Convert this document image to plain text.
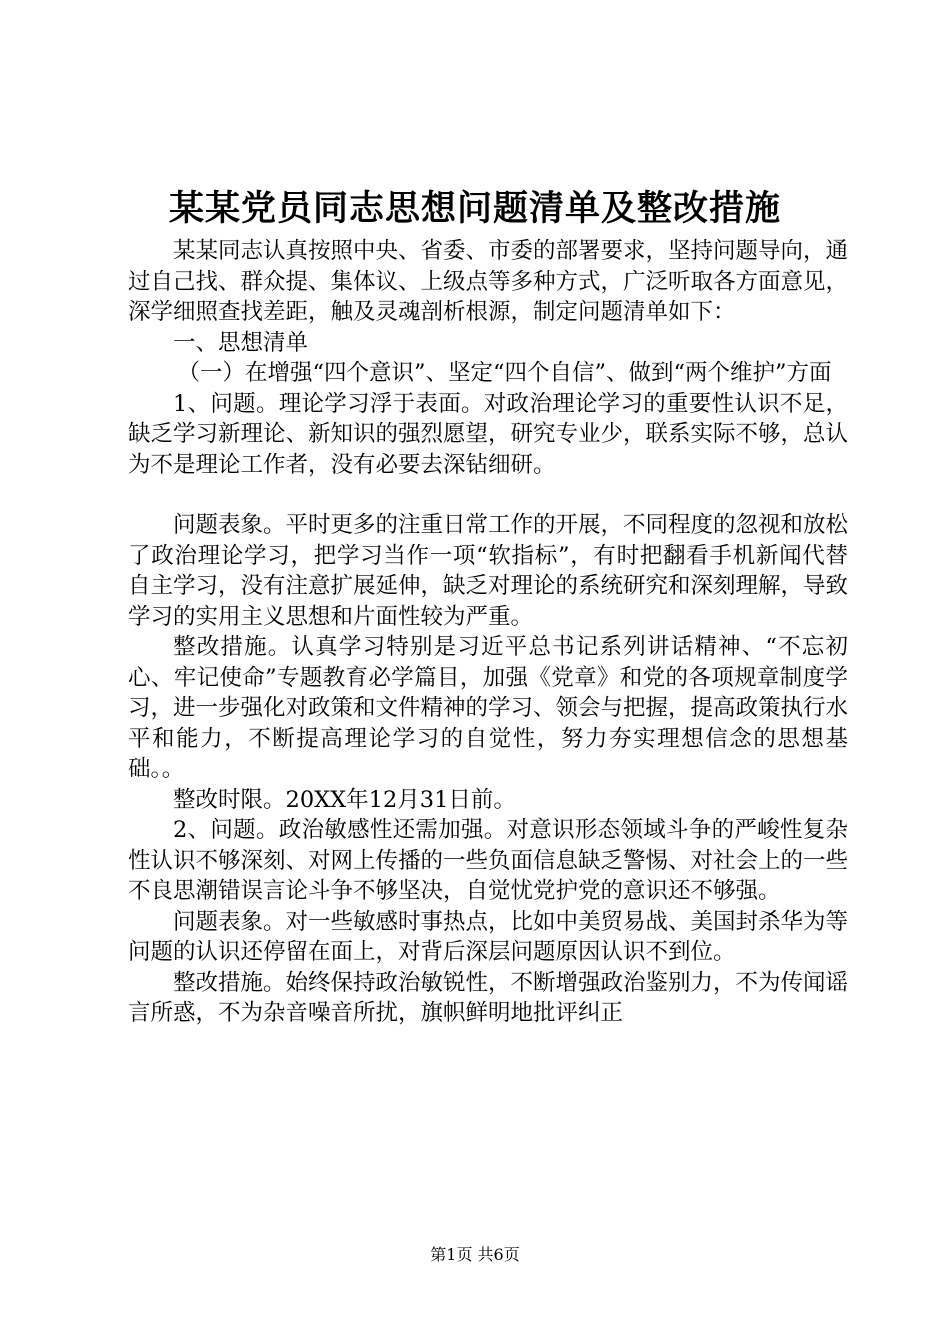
某某党员同志思想问题清单及整改措施

某某同志认真按照中央、省委、市委的部署要求，坚持问题导向，通过自己找、群众提、集体议、上级点等多种方式，广泛听取各方面意见，深学细照查找差距，触及灵魂剖析根源，制定问题清单如下：

一、思想清单

（一）在增强“四个意识”、坚定“四个自信”、做到“两个维护”方面

1、问题。理论学习浮于表面。对政治理论学习的重要性认识不足，缺乏学习新理论、新知识的强烈愿望，研究专业少，联系实际不够，总认为不是理论工作者，没有必要去深钻细研。

问题表象。平时更多的注重日常工作的开展，不同程度的忽视和放松了政治理论学习，把学习当作一项“软指标”，有时把翻看手机新闻代替自主学习，没有注意扩展延伸，缺乏对理论的系统研究和深刻理解，导致学习的实用主义思想和片面性较为严重。

整改措施。认真学习特别是习近平总书记系列讲话精神、“不忘初心、牢记使命”专题教育必学篇目，加强《党章》和党的各项规章制度学习，进一步强化对政策和文件精神的学习、领会与把握，提高政策执行水平和能力，不断提高理论学习的自觉性，努力夯实理想信念的思想基础。。

整改时限。20XX年12月31日前。

2、问题。政治敏感性还需加强。对意识形态领域斗争的严峻性复杂性认识不够深刻、对网上传播的一些负面信息缺乏警惕、对社会上的一些不良思潮错误言论斗争不够坚决，自觉忧党护党的意识还不够强。

问题表象。对一些敏感时事热点，比如中美贸易战、美国封杀华为等问题的认识还停留在面上，对背后深层问题原因认识不到位。

整改措施。始终保持政治敏锐性，不断增强政治鉴别力，不为传闻谣言所惑，不为杂音噪音所扰，旗帜鲜明地批评纠正

第1页 共6页
